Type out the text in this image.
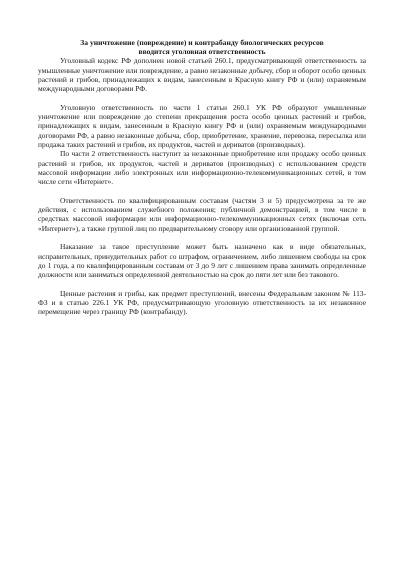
За уничтожение (повреждение) и контрабанду биологических ресурсов
вводится уголовная ответственность

Уголовный кодекс РФ дополнен новой статьей 260.1, предусматривающей ответственность за умышленные уничтожение или повреждение, а равно незаконные добычу, сбор и оборот особо ценных растений и грибов, принадлежащих к видам, занесенным в Красную книгу РФ и (или) охраняемым международными договорами РФ.

Уголовную ответственность по части 1 статьи 260.1 УК РФ образуют умышленные уничтожение или повреждение до степени прекращения роста особо ценных растений и грибов, принадлежащих к видам, занесенным в Красную книгу РФ и (или) охраняемым международными договорами РФ, а равно незаконные добыча, сбор, приобретение, хранение, перевозка, пересылка или продажа таких растений и грибов, их продуктов, частей и дериватов (производных).

По части 2 ответственность наступит за незаконные приобретение или продажу особо ценных растений и грибов, их продуктов, частей и дериватов (производных) с использованием средств массовой информации либо электронных или информационно-телекоммуникационных сетей, в том числе сети «Интернет».

Ответственность по квалифицированным составам (частям 3 и 5) предусмотрена за те же действия, с использованием служебного положения; публичной демонстрацией, в том числе в средствах массовой информации или информационно-телекоммуникационных сетях (включая сеть «Интернет»), а также группой лиц по предварительному сговору или организованной группой.

Наказание за такое преступление может быть назначено как в виде обязательных, исправительных, принудительных работ со штрафом, ограничением, либо лишением свободы на срок до 1 года, а по квалифицированным составам от 3 до 9 лет с лишением права занимать определенные должности или заниматься определенной деятельностью на срок до пяти лет или без такового.

Ценные растения и грибы, как предмет преступлений, внесены Федеральным законом № 113-ФЗ и в статью 226.1 УК РФ, предусматривающую уголовную ответственность за их незаконное перемещение через границу РФ (контрабанду).
